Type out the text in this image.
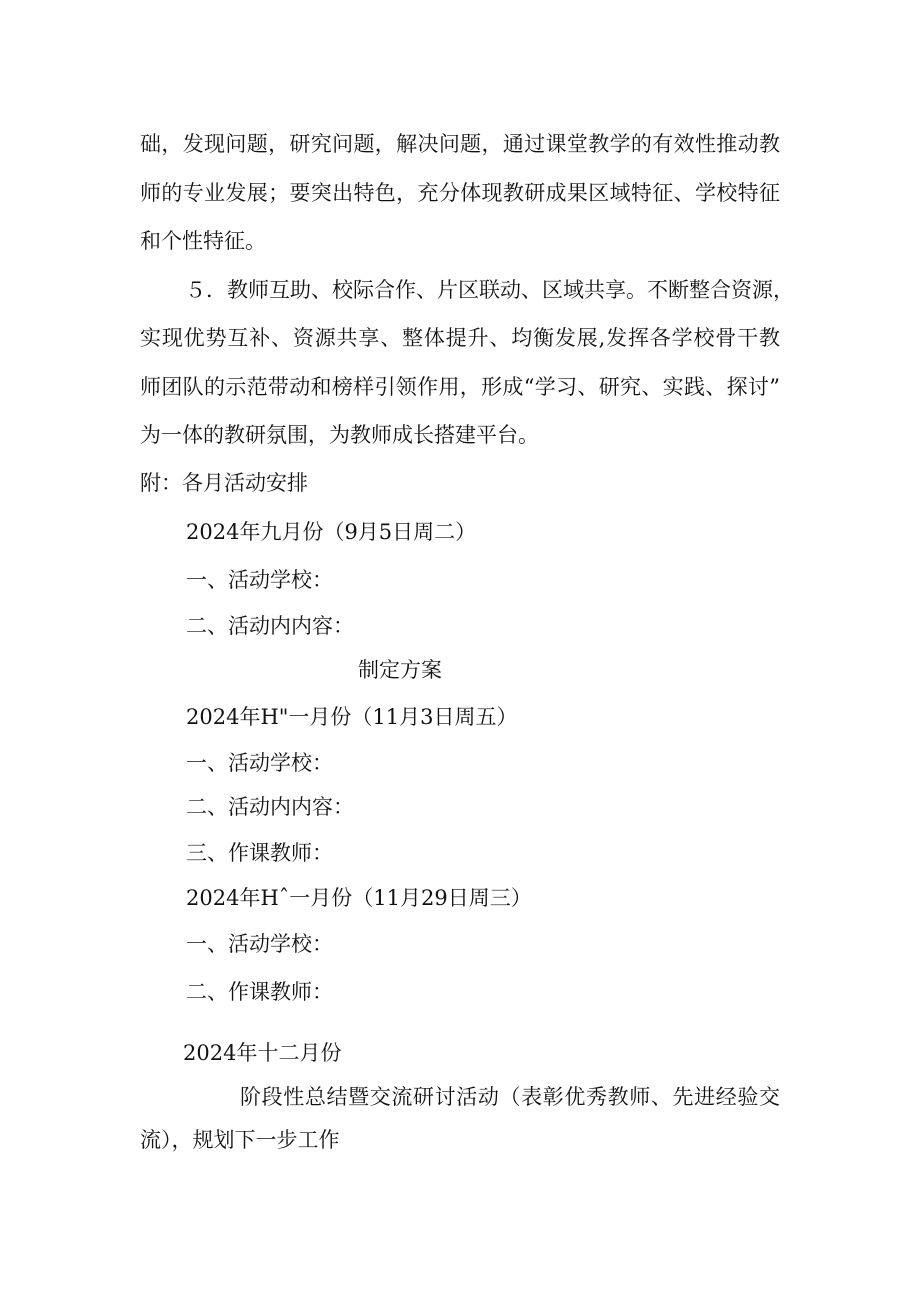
础，发现问题，研究问题，解决问题，通过课堂教学的有效性推动教
师的专业发展；要突出特色，充分体现教研成果区域特征、学校特征
和个性特征。
５．教师互助、校际合作、片区联动、区域共享。不断整合资源，
实现优势互补、资源共享、整体提升、均衡发展,发挥各学校骨干教
师团队的示范带动和榜样引领作用，形成“学习、研究、实践、探讨”
为一体的教研氛围，为教师成长搭建平台。
附：各月活动安排
2024年九月份（9月5日周二）
一、活动学校：
二、活动内内容：
制定方案
2024年H"一月份（11月3日周五）
一、活动学校：
二、活动内内容：
三、作课教师：
2024年Hˆ一月份（11月29日周三）
一、活动学校：
二、作课教师：
2024年十二月份
阶段性总结暨交流研讨活动（表彰优秀教师、先进经验交
流），规划下一步工作
